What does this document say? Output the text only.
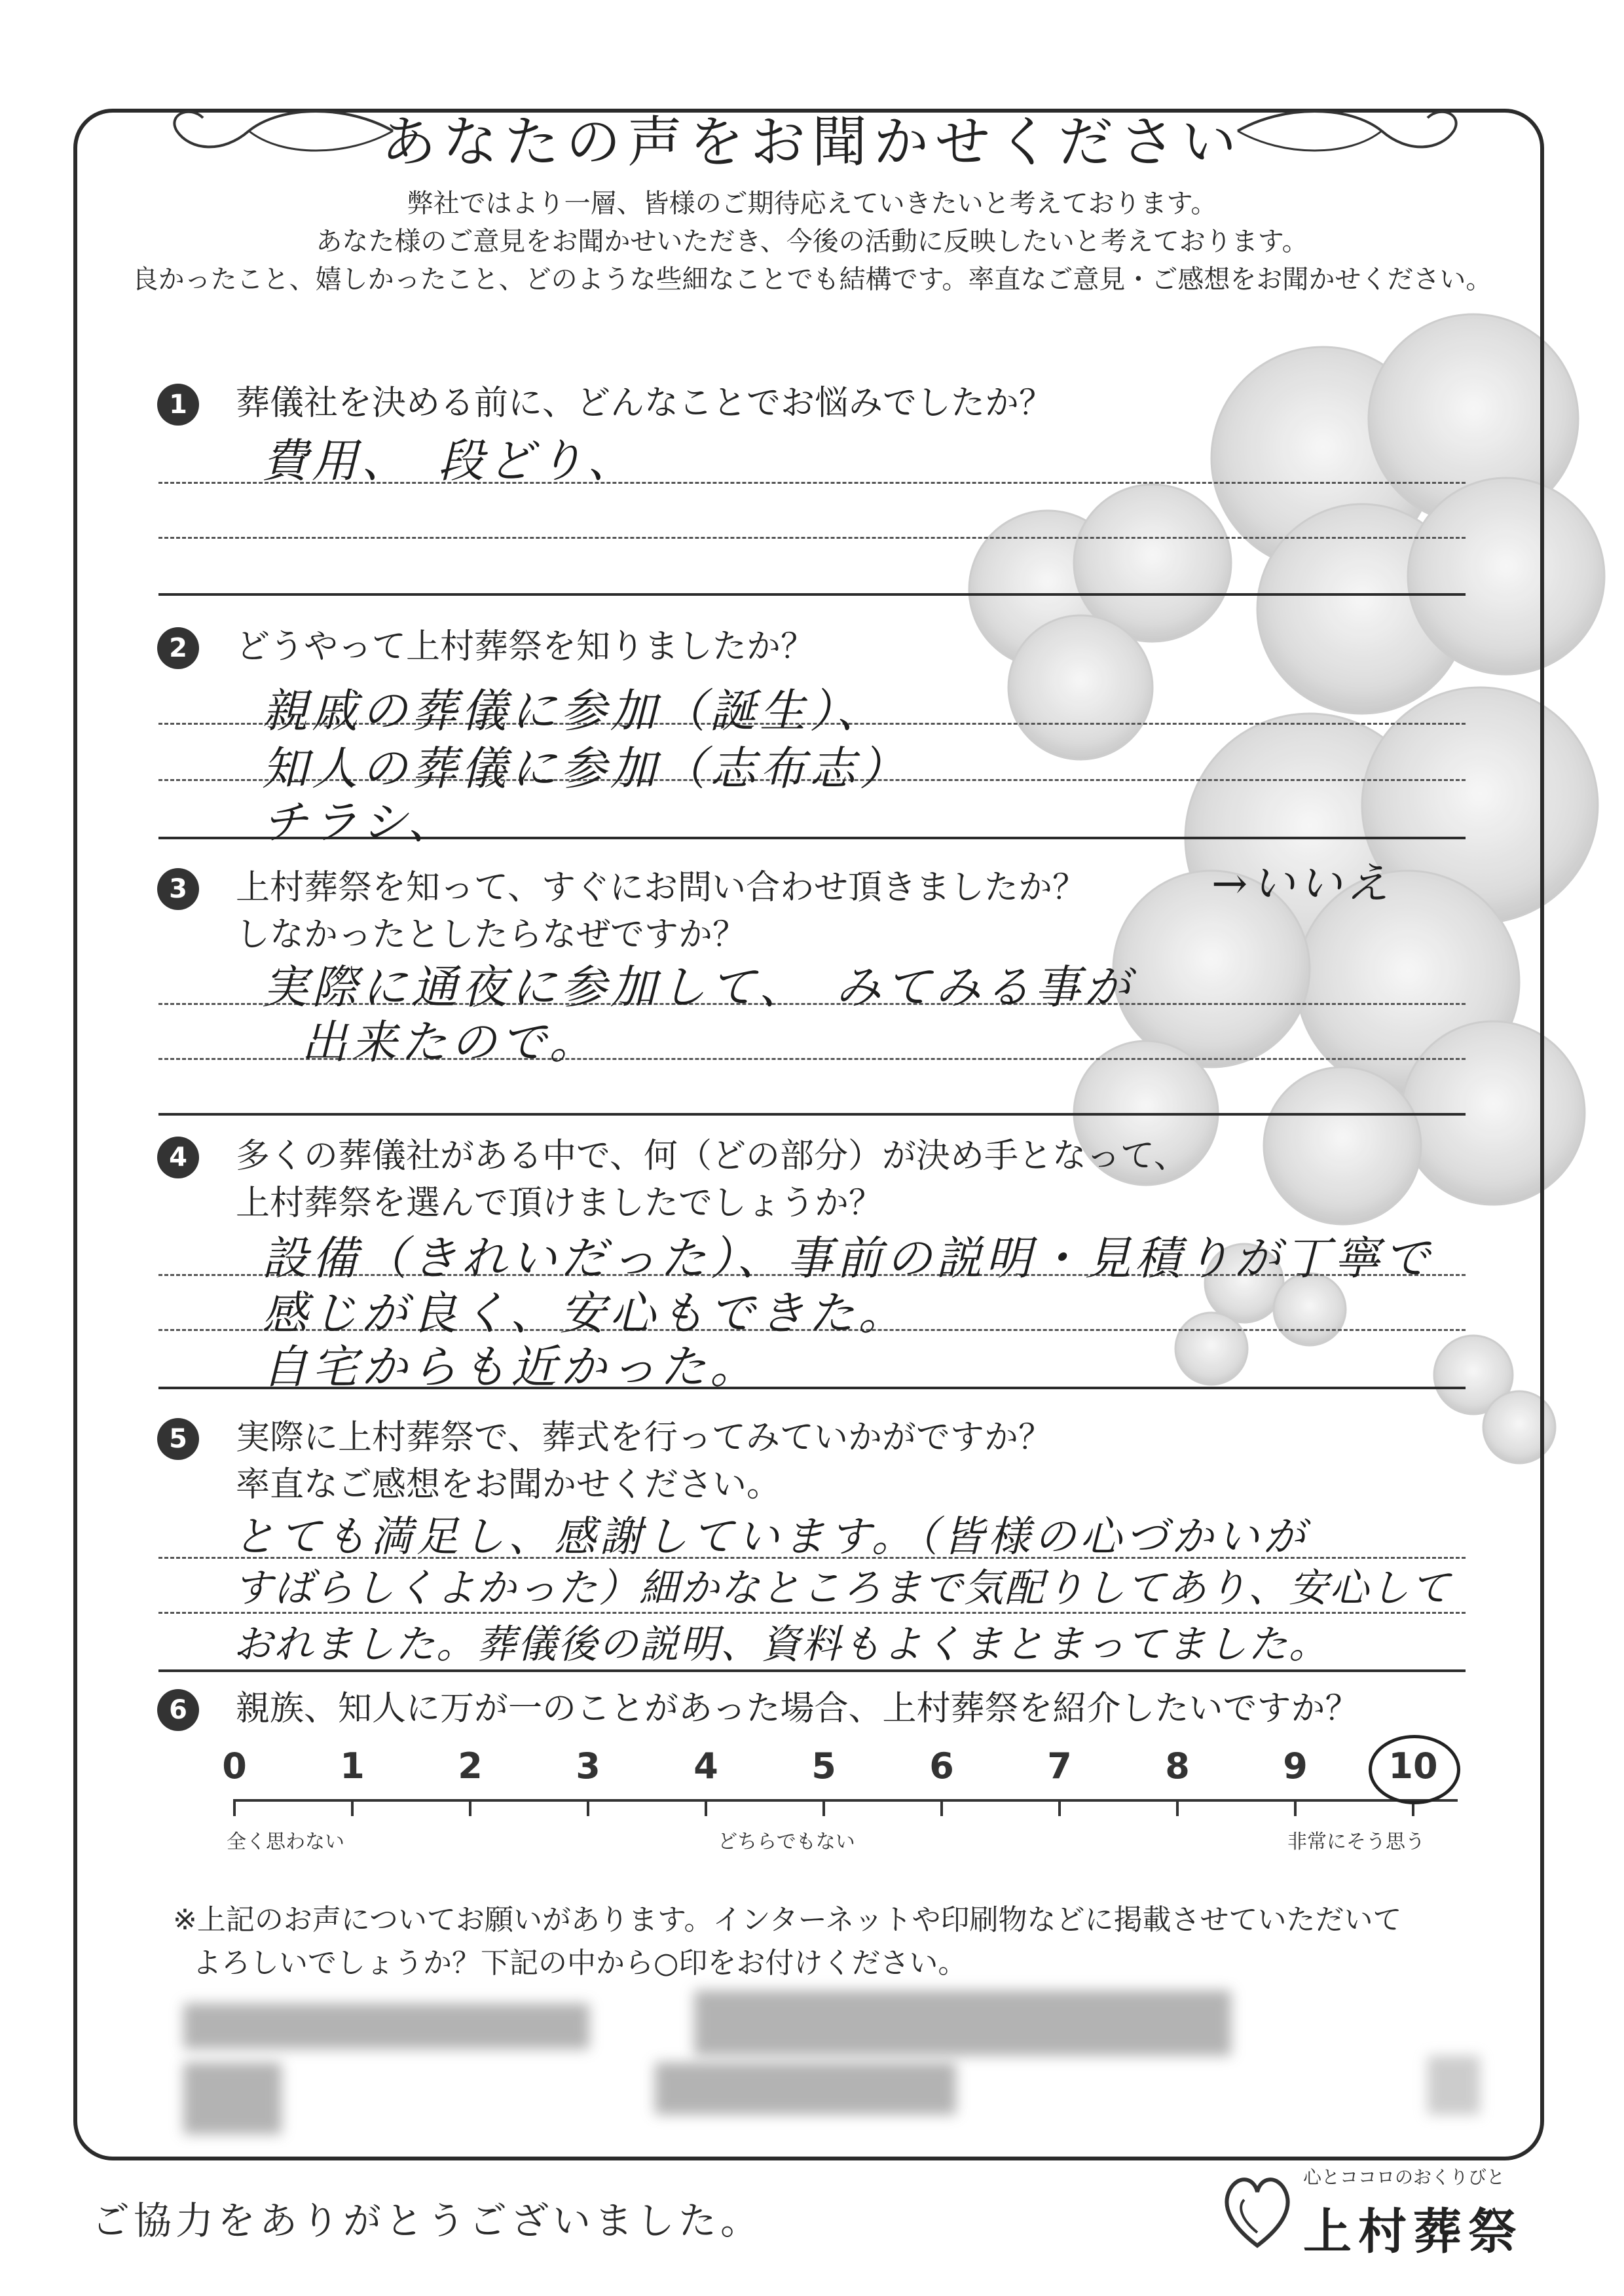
あなたの声をお聞かせください
弊社ではより一層、皆様のご期待応えていきたいと考えております。
あなた様のご意見をお聞かせいただき、今後の活動に反映したいと考えております。
良かったこと、嬉しかったこと、どのような些細なことでも結構です。率直なご意見・ご感想をお聞かせください。
1	葬儀社を決める前に、どんなことでお悩みでしたか？
費用、　段どり、
2	どうやって上村葬祭を知りましたか？
親戚の葬儀に参加（誕生）、
知人の葬儀に参加（志布志）
チラシ、
3	上村葬祭を知って、すぐにお問い合わせ頂きましたか？
しなかったとしたらなぜですか？
→いいえ
実際に通夜に参加して、　みてみる事が
出来たので。
4	多くの葬儀社がある中で、何（どの部分）が決め手となって、
上村葬祭を選んで頂けましたでしょうか？
設備（きれいだった）、事前の説明・見積りが丁寧で
感じが良く、安心もできた。
自宅からも近かった。
5	実際に上村葬祭で、葬式を行ってみていかがですか？
率直なご感想をお聞かせください。
とても満足し、感謝しています。（皆様の心づかいが
すばらしくよかった）細かなところまで気配りしてあり、安心して
おれました。葬儀後の説明、資料もよくまとまってました。
6	親族、知人に万が一のことがあった場合、上村葬祭を紹介したいですか？
全く思わない	どちらでもない	非常にそう思う
0	1	2	3	4	5	6	7	8	9	10
※上記のお声についてお願いがあります。インターネットや印刷物などに掲載させていただいて
よろしいでしょうか？下記の中から○印をお付けください。
ご協力をありがとうございました。
心とココロのおくりびと
上村葬祭
